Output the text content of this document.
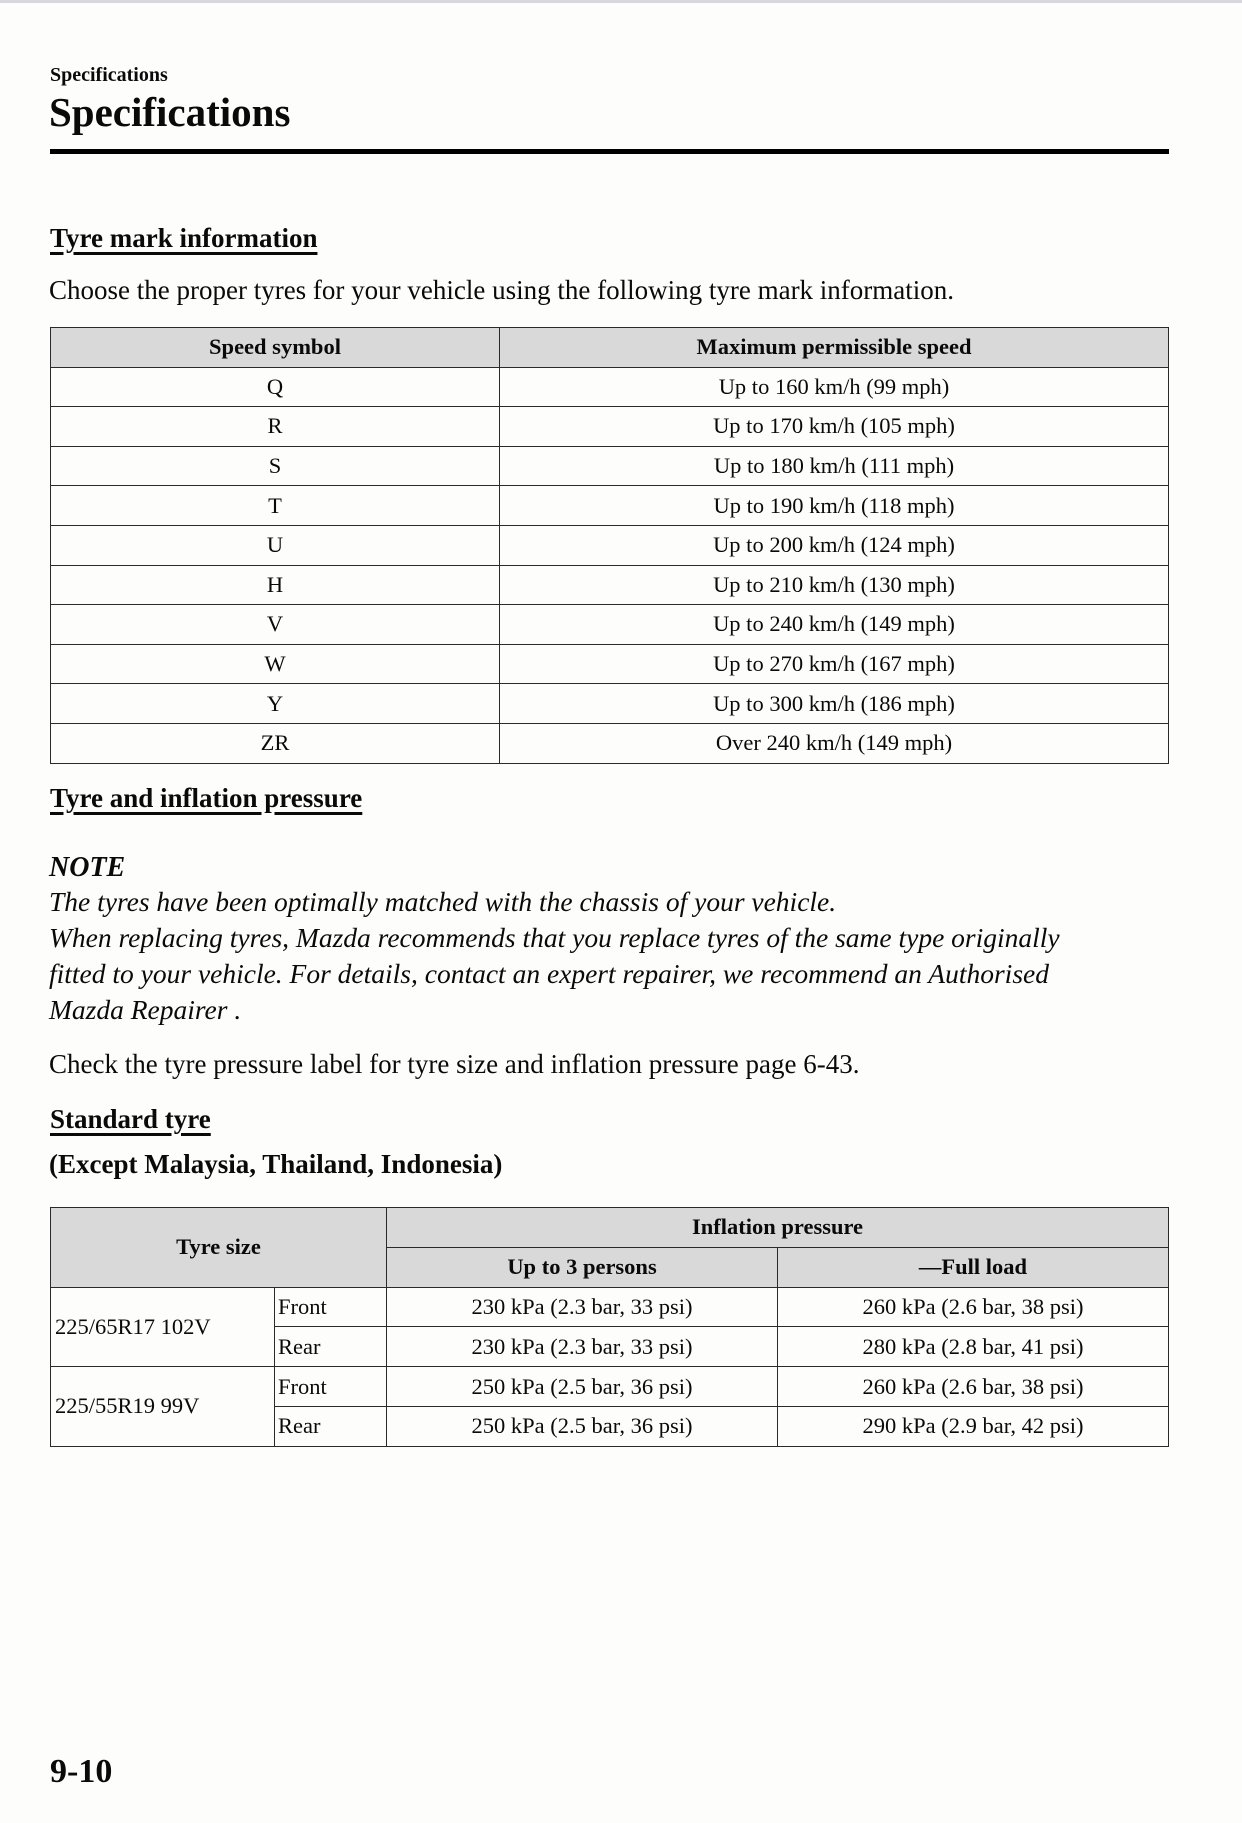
Specifications
Specifications
Tyre mark information
Choose the proper tyres for your vehicle using the following tyre mark information.
Speed symbol	Maximum permissible speed
Q	Up to 160 km/h (99 mph)
R	Up to 170 km/h (105 mph)
S	Up to 180 km/h (111 mph)
T	Up to 190 km/h (118 mph)
U	Up to 200 km/h (124 mph)
H	Up to 210 km/h (130 mph)
V	Up to 240 km/h (149 mph)
W	Up to 270 km/h (167 mph)
Y	Up to 300 km/h (186 mph)
ZR	Over 240 km/h (149 mph)
Tyre and inflation pressure
NOTE
The tyres have been optimally matched with the chassis of your vehicle.
When replacing tyres, Mazda recommends that you replace tyres of the same type originally
fitted to your vehicle. For details, contact an expert repairer, we recommend an Authorised
Mazda Repairer .
Check the tyre pressure label for tyre size and inflation pressure page 6-43.
Standard tyre
(Except Malaysia, Thailand, Indonesia)
Tyre size		Inflation pressure	
		Up to 3 persons	—Full load
225/65R17 102V	Front	230 kPa (2.3 bar, 33 psi)	260 kPa (2.6 bar, 38 psi)
	Rear	230 kPa (2.3 bar, 33 psi)	280 kPa (2.8 bar, 41 psi)
225/55R19 99V	Front	250 kPa (2.5 bar, 36 psi)	260 kPa (2.6 bar, 38 psi)
	Rear	250 kPa (2.5 bar, 36 psi)	290 kPa (2.9 bar, 42 psi)
9-10
